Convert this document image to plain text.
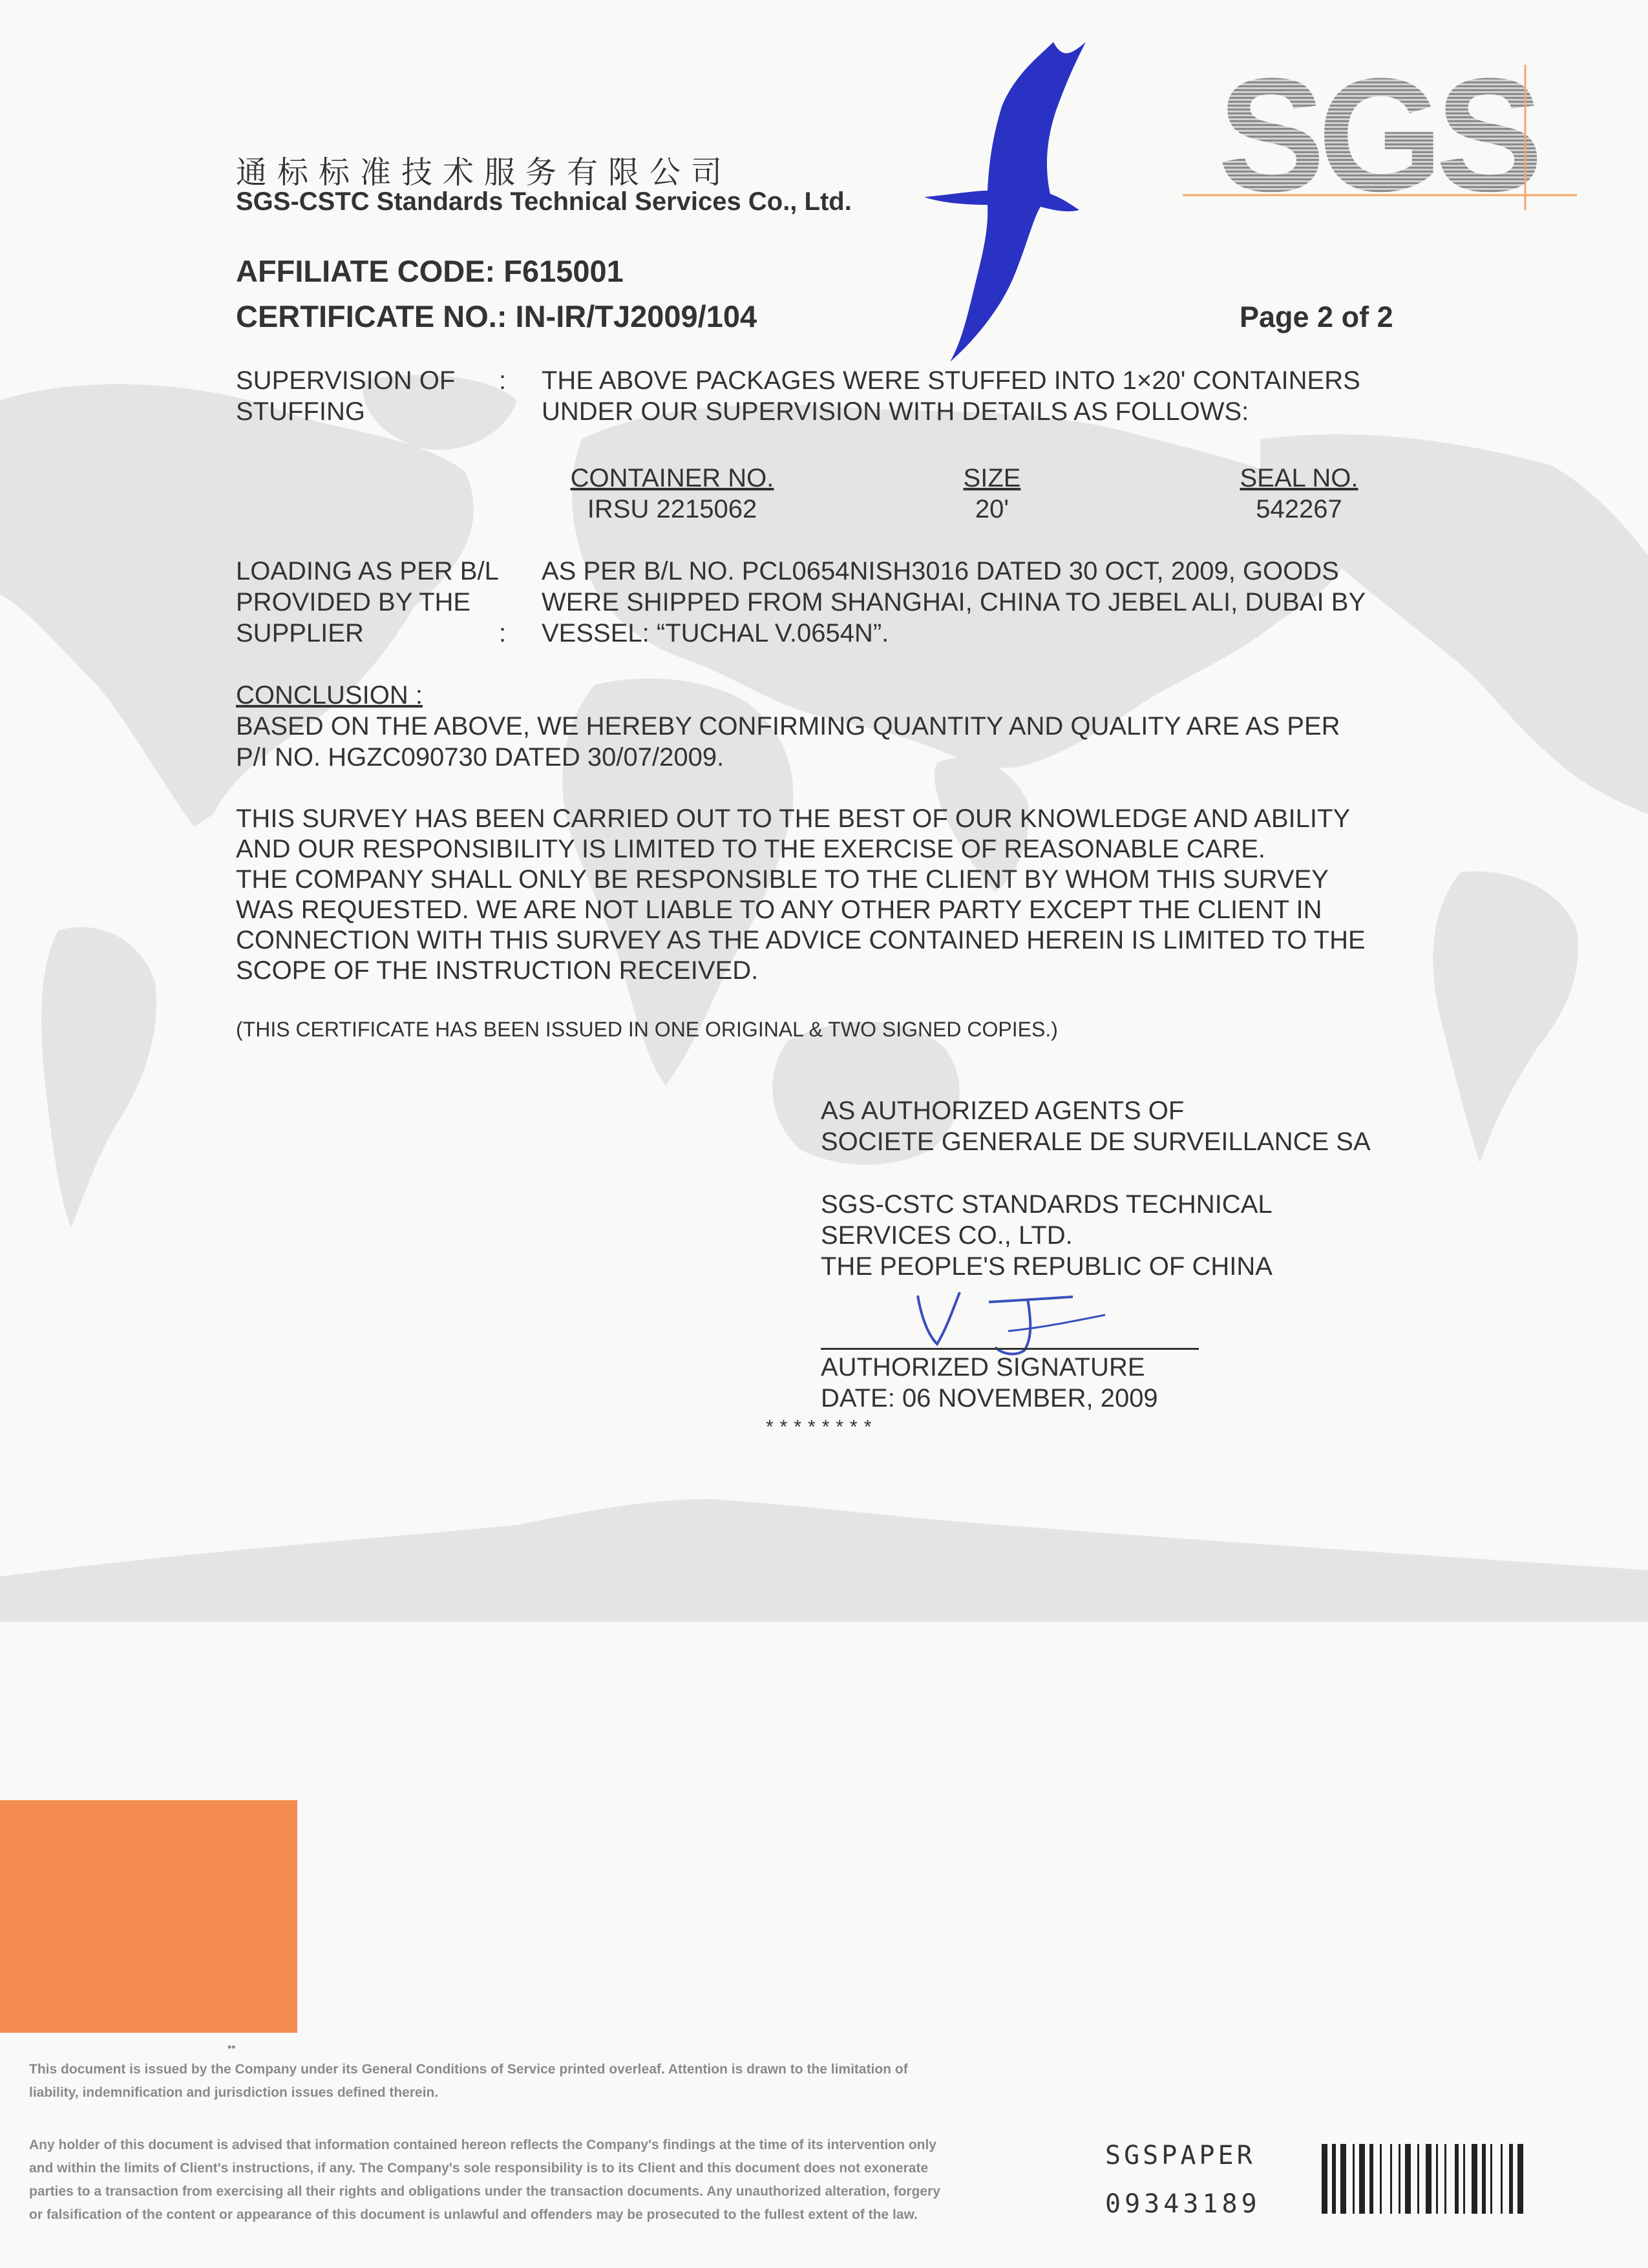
SGS
通标标准技术服务有限公司
SGS-CSTC Standards Technical Services Co., Ltd.
AFFILIATE CODE: F615001
CERTIFICATE NO.: IN-IR/TJ2009/104	Page 2 of 2
SUPERVISION OF
STUFFING
: THE ABOVE PACKAGES WERE STUFFED INTO 1×20' CONTAINERS
UNDER OUR SUPERVISION WITH DETAILS AS FOLLOWS:
CONTAINER NO.
IRSU 2215062
SIZE
20'
SEAL NO.
542267
LOADING AS PER B/L
PROVIDED BY THE
SUPPLIER	:
AS PER B/L NO. PCL0654NISH3016 DATED 30 OCT, 2009, GOODS
WERE SHIPPED FROM SHANGHAI, CHINA TO JEBEL ALI, DUBAI BY
VESSEL: “TUCHAL V.0654N”.
CONCLUSION :
BASED ON THE ABOVE, WE HEREBY CONFIRMING QUANTITY AND QUALITY ARE AS PER
P/I NO. HGZC090730 DATED 30/07/2009.
THIS SURVEY HAS BEEN CARRIED OUT TO THE BEST OF OUR KNOWLEDGE AND ABILITY
AND OUR RESPONSIBILITY IS LIMITED TO THE EXERCISE OF REASONABLE CARE.
THE COMPANY SHALL ONLY BE RESPONSIBLE TO THE CLIENT BY WHOM THIS SURVEY
WAS REQUESTED. WE ARE NOT LIABLE TO ANY OTHER PARTY EXCEPT THE CLIENT IN
CONNECTION WITH THIS SURVEY AS THE ADVICE CONTAINED HEREIN IS LIMITED TO THE
SCOPE OF THE INSTRUCTION RECEIVED.
(THIS CERTIFICATE HAS BEEN ISSUED IN ONE ORIGINAL & TWO SIGNED COPIES.)
AS AUTHORIZED AGENTS OF
SOCIETE GENERALE DE SURVEILLANCE SA
SGS-CSTC STANDARDS TECHNICAL
SERVICES CO., LTD.
THE PEOPLE'S REPUBLIC OF CHINA
AUTHORIZED SIGNATURE
DATE: 06 NOVEMBER, 2009
********
••
This document is issued by the Company under its General Conditions of Service printed overleaf. Attention is drawn to the limitation of
liability, indemnification and jurisdiction issues defined therein.
Any holder of this document is advised that information contained hereon reflects the Company's findings at the time of its intervention only
and within the limits of Client's instructions, if any. The Company's sole responsibility is to its Client and this document does not exonerate
parties to a transaction from exercising all their rights and obligations under the transaction documents. Any unauthorized alteration, forgery
or falsification of the content or appearance of this document is unlawful and offenders may be prosecuted to the fullest extent of the law.
SGSPAPER
09343189
